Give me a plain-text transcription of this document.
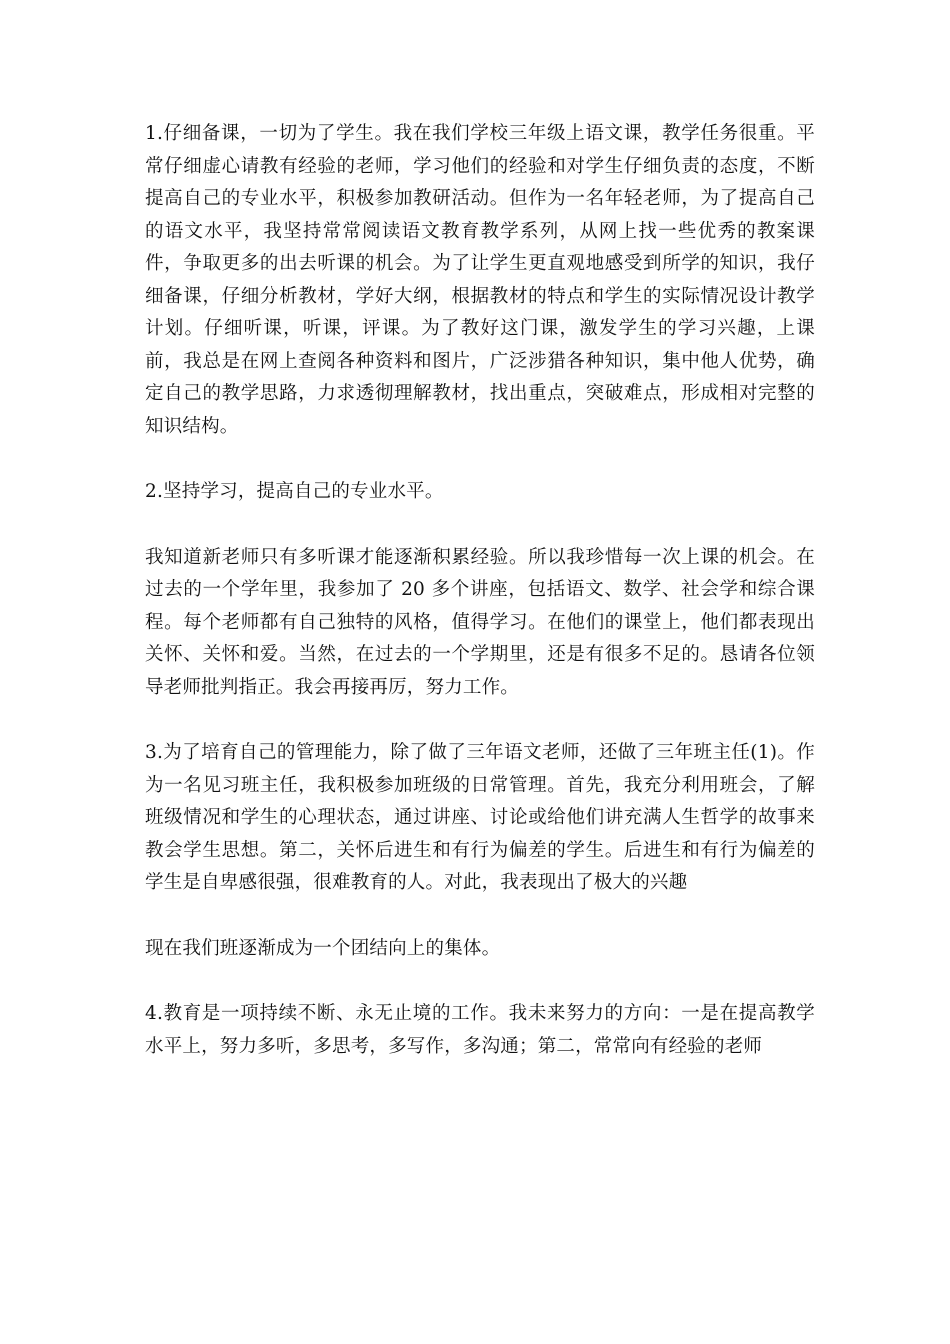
1.仔细备课，一切为了学生。我在我们学校三年级上语文课，教学任务很重。平常仔细虚心请教有经验的老师，学习他们的经验和对学生仔细负责的态度，不断提高自己的专业水平，积极参加教研活动。但作为一名年轻老师，为了提高自己的语文水平，我坚持常常阅读语文教育教学系列，从网上找一些优秀的教案课件，争取更多的出去听课的机会。为了让学生更直观地感受到所学的知识，我仔细备课，仔细分析教材，学好大纲，根据教材的特点和学生的实际情况设计教学计划。仔细听课，听课，评课。为了教好这门课，激发学生的学习兴趣，上课前，我总是在网上查阅各种资料和图片，广泛涉猎各种知识，集中他人优势，确定自己的教学思路，力求透彻理解教材，找出重点，突破难点，形成相对完整的知识结构。

2.坚持学习，提高自己的专业水平。

我知道新老师只有多听课才能逐渐积累经验。所以我珍惜每一次上课的机会。在过去的一个学年里，我参加了 20 多个讲座，包括语文、数学、社会学和综合课程。每个老师都有自己独特的风格，值得学习。在他们的课堂上，他们都表现出关怀、关怀和爱。当然，在过去的一个学期里，还是有很多不足的。恳请各位领导老师批判指正。我会再接再厉，努力工作。

3.为了培育自己的管理能力，除了做了三年语文老师，还做了三年班主任(1)。作为一名见习班主任，我积极参加班级的日常管理。首先，我充分利用班会，了解班级情况和学生的心理状态，通过讲座、讨论或给他们讲充满人生哲学的故事来教会学生思想。第二，关怀后进生和有行为偏差的学生。后进生和有行为偏差的学生是自卑感很强，很难教育的人。对此，我表现出了极大的兴趣

现在我们班逐渐成为一个团结向上的集体。

4.教育是一项持续不断、永无止境的工作。我未来努力的方向：一是在提高教学水平上，努力多听，多思考，多写作，多沟通；第二，常常向有经验的老师
